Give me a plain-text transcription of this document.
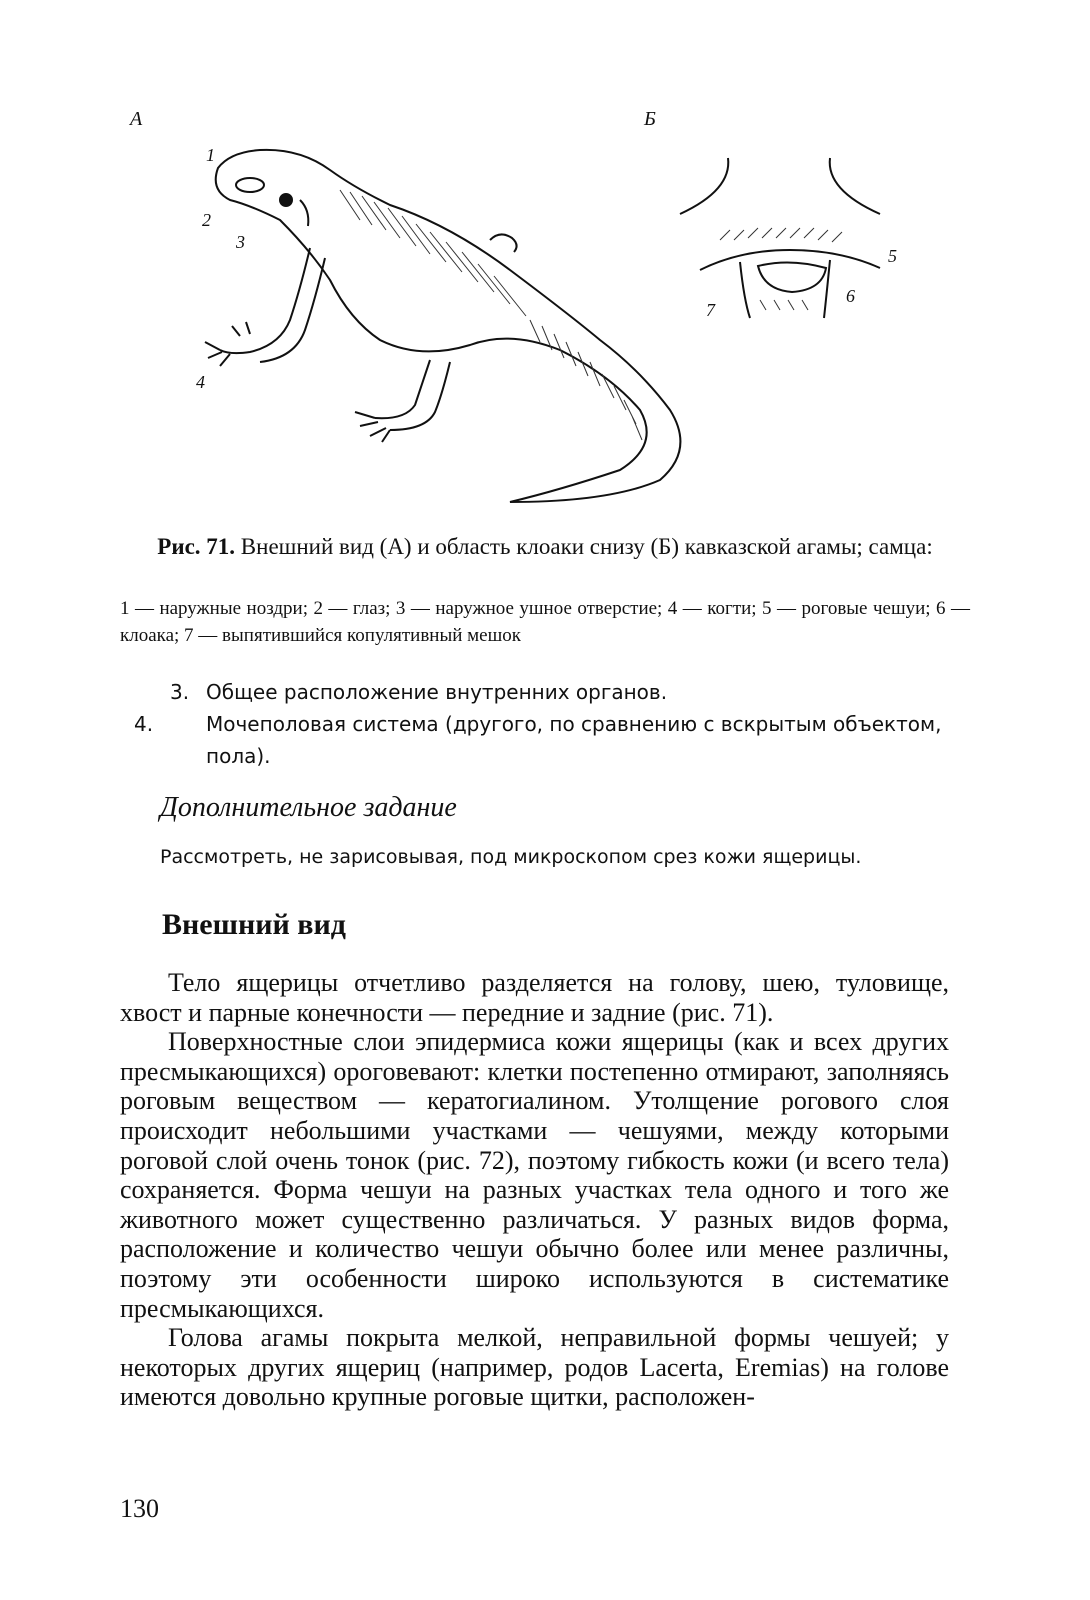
А	Б
1
2
3
4
5
6
7
Рис. 71. Внешний вид (А) и область клоаки снизу (Б) кавказской агамы; самца:
1 — наружные ноздри; 2 — глаз; 3 — наружное ушное отверстие; 4 — когти; 5 — роговые чешуи; 6 — клоака; 7 — выпятившийся копулятивный мешок
3. Общее расположение внутренних органов.
4.	Мочеполовая система (другого, по сравнению с вскрытым объектом, пола).
Дополнительное задание
Рассмотреть, не зарисовывая, под микроскопом срез кожи ящерицы.
Внешний вид

Тело ящерицы отчетливо разделяется на голову, шею, туловище, хвост и парные конечности — передние и задние (рис. 71).

Поверхностные слои эпидермиса кожи ящерицы (как и всех других пресмыкающихся) ороговевают: клетки постепенно отмирают, заполняясь роговым веществом — кератогиалином. Утолщение рогового слоя происходит небольшими участками — чешуями, между которыми роговой слой очень тонок (рис. 72), поэтому гибкость кожи (и всего тела) сохраняется. Форма чешуи на разных участках тела одного и того же животного может существенно различаться. У разных видов форма, расположение и количество чешуи обычно более или менее различны, поэтому эти особенности широко используются в систематике пресмыкающихся.

Голова агамы покрыта мелкой, неправильной формы чешуей; у некоторых других ящериц (например, родов Lacerta, Eremias) на голове имеются довольно крупные роговые щитки, расположен-

130
